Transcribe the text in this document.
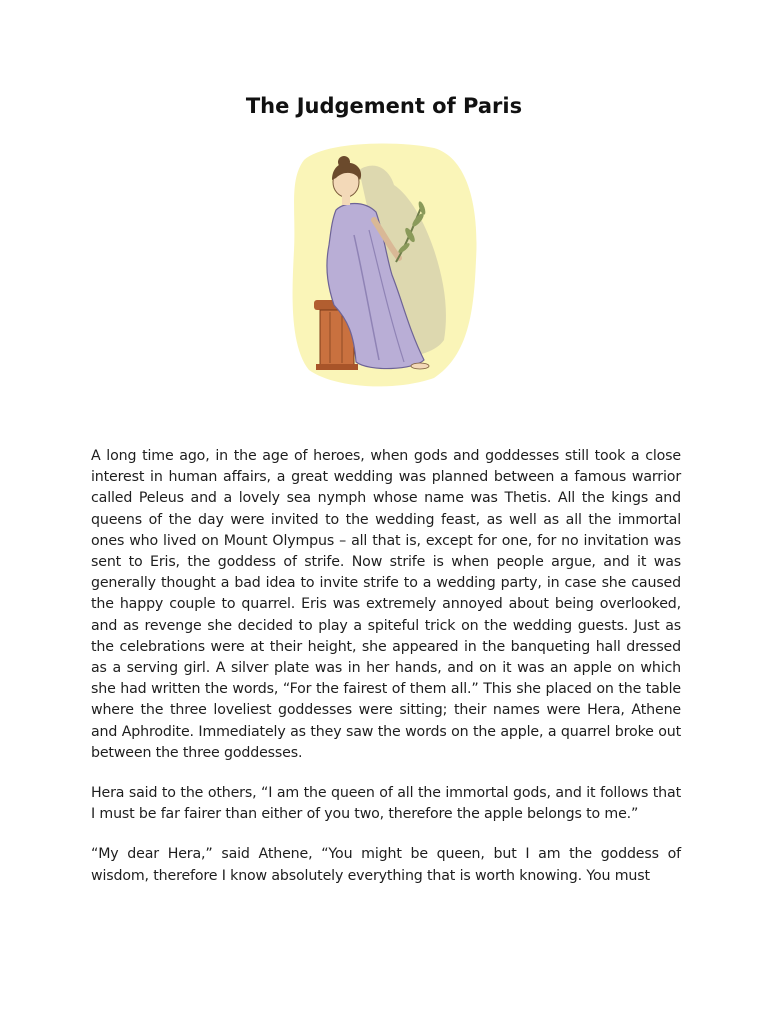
The Judgement of Paris

A long time ago, in the age of heroes, when gods and goddesses still took a close interest in human affairs, a great wedding was planned between a famous warrior called Peleus and a lovely sea nymph whose name was Thetis. All the kings and queens of the day were invited to the wedding feast, as well as all the immortal ones who lived on Mount Olympus – all that is, except for one, for no invitation was sent to Eris, the goddess of strife. Now strife is when people argue, and it was generally thought a bad idea to invite strife to a wedding party, in case she caused the happy couple to quarrel. Eris was extremely annoyed about being overlooked, and as revenge she decided to play a spiteful trick on the wedding guests. Just as the celebrations were at their height, she appeared in the banqueting hall dressed as a serving girl. A silver plate was in her hands, and on it was an apple on which she had written the words, “For the fairest of them all.” This she placed on the table where the three loveliest goddesses were sitting; their names were Hera, Athene and Aphrodite. Immediately as they saw the words on the apple, a quarrel broke out between the three goddesses.

Hera said to the others, “I am the queen of all the immortal gods, and it follows that I must be far fairer than either of you two, therefore the apple belongs to me.”

“My dear Hera,” said Athene, “You might be queen, but I am the goddess of wisdom, therefore I know absolutely everything that is worth knowing. You must
